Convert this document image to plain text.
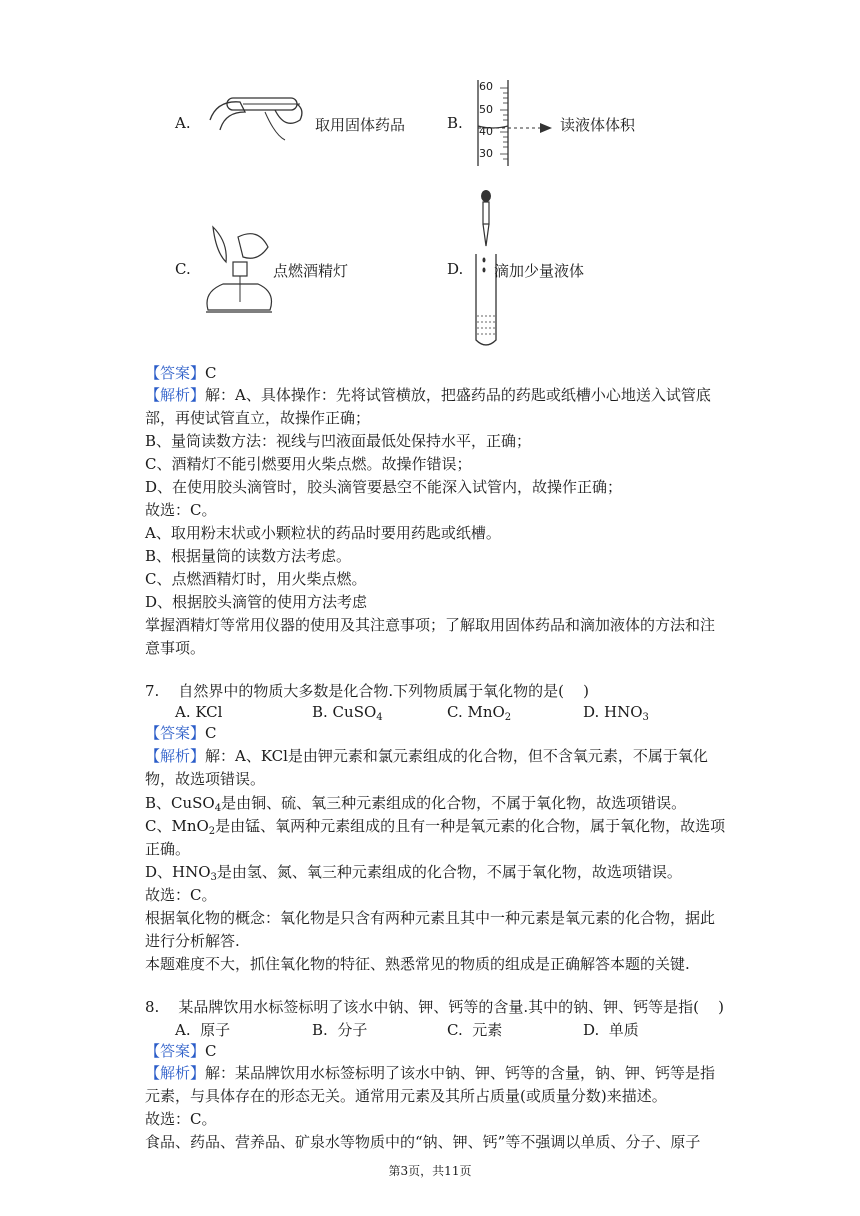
A.	取用固体药品	B.
60
50
40
30
读液体体积
C.	点燃酒精灯	D. 滴加少量液体
【答案】C
【解析】解：A、具体操作：先将试管横放，把盛药品的药匙或纸槽小心地送入试管底
部，再使试管直立，故操作正确；
B、量筒读数方法：视线与凹液面最低处保持水平，正确；
C、酒精灯不能引燃要用火柴点燃。故操作错误；
D、在使用胶头滴管时，胶头滴管要悬空不能深入试管内，故操作正确；
故选：C。
A、取用粉末状或小颗粒状的药品时要用药匙或纸槽。
B、根据量筒的读数方法考虑。
C、点燃酒精灯时，用火柴点燃。
D、根据胶头滴管的使用方法考虑
掌握酒精灯等常用仪器的使用及其注意事项；了解取用固体药品和滴加液体的方法和注
意事项。
7.    自然界中的物质大多数是化合物.下列物质属于氧化物的是(    )
A. KCl	B. CuSO$_4$	C. MnO$_2$	D. $HNO_3$
【答案】C
【解析】解：A、KCl是由钾元素和氯元素组成的化合物，但不含氧元素，不属于氧化
物，故选项错误。
B、CuSO$_4$是由铜、硫、氧三种元素组成的化合物，不属于氧化物，故选项错误。
C、MnO$_2$是由锰、氧两种元素组成的且有一种是氧元素的化合物，属于氧化物，故选项
正确。
D、$HNO_3$是由氢、氮、氧三种元素组成的化合物，不属于氧化物，故选项错误。
故选：C。
根据氧化物的概念：氧化物是只含有两种元素且其中一种元素是氧元素的化合物，据此
进行分析解答.
本题难度不大，抓住氧化物的特征、熟悉常见的物质的组成是正确解答本题的关键.
8.    某品牌饮用水标签标明了该水中钠、钾、钙等的含量.其中的钠、钾、钙等是指(    )
A.  原子	B.  分子	C.  元素	D.  单质
【答案】C
【解析】解：某品牌饮用水标签标明了该水中钠、钾、钙等的含量，钠、钾、钙等是指
元素，与具体存在的形态无关。通常用元素及其所占质量(或质量分数)来描述。
故选：C。
食品、药品、营养品、矿泉水等物质中的“钠、钾、钙”等不强调以单质、分子、原子
第3页，共11页
